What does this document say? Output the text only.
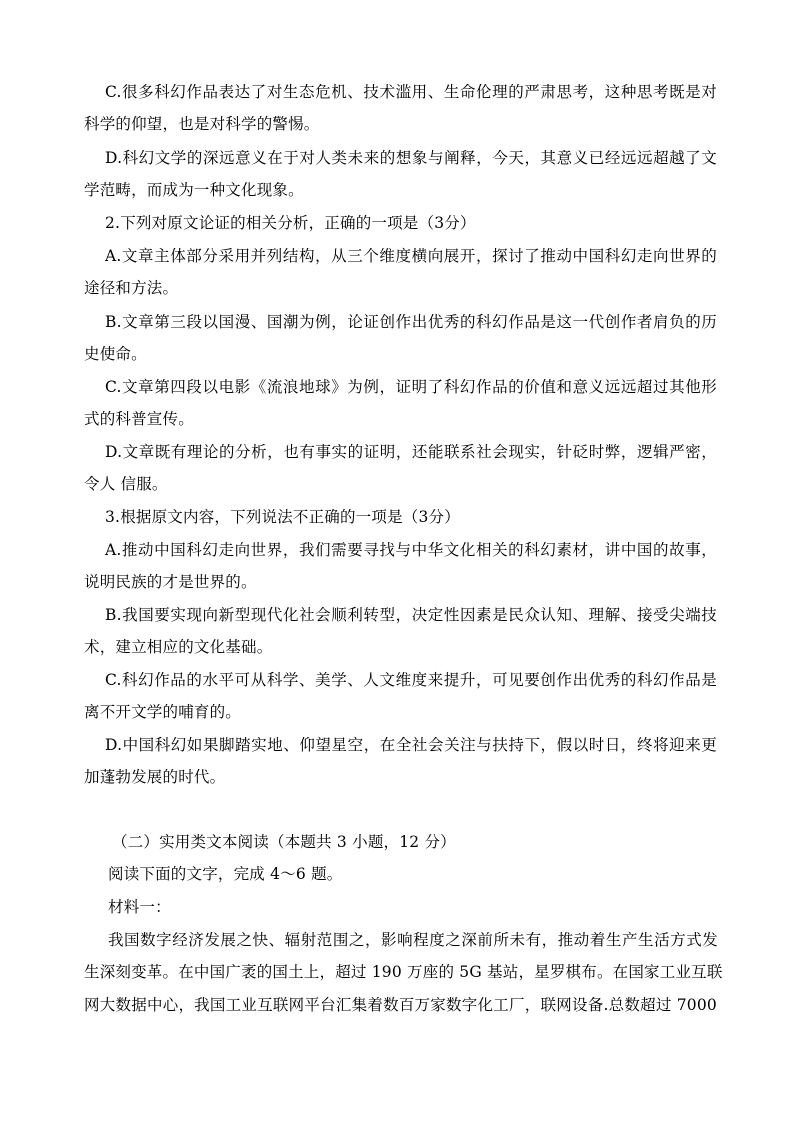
C.很多科幻作品表达了对生态危机、技术滥用、生命伦理的严肃思考，这种思考既是对
科学的仰望，也是对科学的警惕。
D.科幻文学的深远意义在于对人类未来的想象与阐释，今天，其意义已经远远超越了文
学范畴，而成为一种文化现象。
2.下列对原文论证的相关分析，正确的一项是（3分）
A.文章主体部分采用并列结构，从三个维度横向展开，探讨了推动中国科幻走向世界的
途径和方法。
B.文章第三段以国漫、国潮为例，论证创作出优秀的科幻作品是这一代创作者肩负的历
史使命。
C.文章第四段以电影《流浪地球》为例，证明了科幻作品的价值和意义远远超过其他形
式的科普宣传。
D.文章既有理论的分析，也有事实的证明，还能联系社会现实，针砭时弊，逻辑严密，
令人 信服。
3.根据原文内容，下列说法不正确的一项是（3分）
A.推动中国科幻走向世界，我们需要寻找与中华文化相关的科幻素材，讲中国的故事，
说明民族的才是世界的。
B.我国要实现向新型现代化社会顺利转型，决定性因素是民众认知、理解、接受尖端技
术，建立相应的文化基础。
C.科幻作品的水平可从科学、美学、人文维度来提升，可见要创作出优秀的科幻作品是
离不开文学的哺育的。
D.中国科幻如果脚踏实地、仰望星空，在全社会关注与扶持下，假以时日，终将迎来更
加蓬勃发展的时代。
（二）实用类文本阅读（本题共 3 小题，12 分）
阅读下面的文字，完成 4～6 题。
材料一：
我国数字经济发展之快、辐射范围之，影响程度之深前所未有，推动着生产生活方式发
生深刻变革。在中国广袤的国土上，超过 190 万座的 5G 基站，星罗棋布。在国家工业互联
网大数据中心，我国工业互联网平台汇集着数百万家数字化工厂，联网设备.总数超过 7000
